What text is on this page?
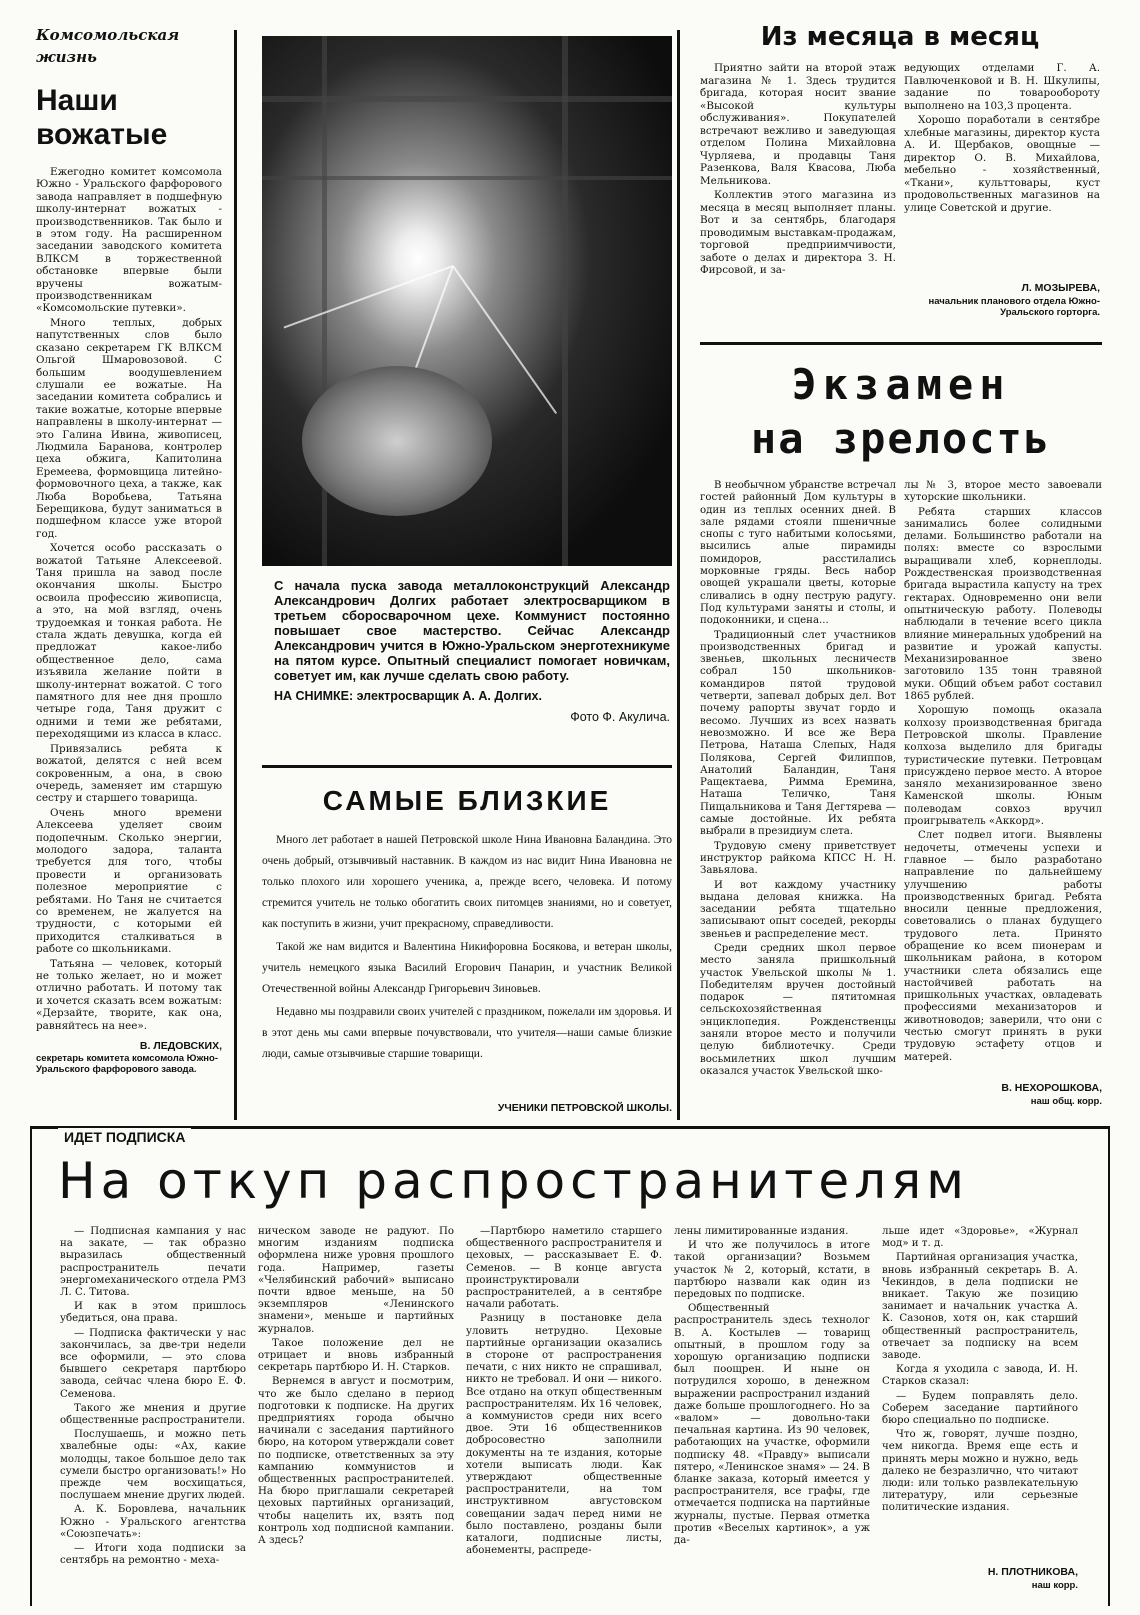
Комсомольская жизнь
Наши вожатые

Ежегодно комитет комсомола Южно - Уральского фарфорового завода направляет в подшефную школу-интернат вожатых - производственников. Так было и в этом году. На расширенном заседании заводского комитета ВЛКСМ в торжественной обстановке впервые были вручены вожатым-производственникам «Комсомольские путевки».

Много теплых, добрых напутственных слов было сказано секретарем ГК ВЛКСМ Ольгой Шмаровозовой. С большим воодушевлением слушали ее вожатые. На заседании комитета собрались и такие вожатые, которые впервые направлены в школу-интернат — это Галина Ивина, живописец, Людмила Баранова, контролер цеха обжига, Капитолина Еремеева, формовщица литейно-формовочного цеха, а также, как Люба Воробьева, Татьяна Берещикова, будут заниматься в подшефном классе уже второй год.

Хочется особо рассказать о вожатой Татьяне Алексеевой. Таня пришла на завод после окончания школы. Быстро освоила профессию живописца, а это, на мой взгляд, очень трудоемкая и тонкая работа. Не стала ждать девушка, когда ей предложат какое-либо общественное дело, сама изъявила желание пойти в школу-интернат вожатой. С того памятного для нее дня прошло четыре года, Таня дружит с одними и теми же ребятами, переходящими из класса в класс.

Привязались ребята к вожатой, делятся с ней всем сокровенным, а она, в свою очередь, заменяет им старшую сестру и старшего товарища.

Очень много времени Алексеева уделяет своим подопечным. Сколько энергии, молодого задора, таланта требуется для того, чтобы провести и организовать полезное мероприятие с ребятами. Но Таня не считается со временем, не жалуется на трудности, с которыми ей приходится сталкиваться в работе со школьниками.

Татьяна — человек, который не только желает, но и может отлично работать. И потому так и хочется сказать всем вожатым: «Дерзайте, творите, как она, равняйтесь на нее».

В. ЛЕДОВСКИХ,
секретарь комитета комсомола Южно-Уральского фарфорового завода.

С начала пуска завода металлоконструкций Александр Александрович Долгих работает электросварщиком в третьем сборосварочном цехе. Коммунист постоянно повышает свое мастерство. Сейчас Александр Александрович учится в Южно-Уральском энерготехникуме на пятом курсе. Опытный специалист помогает новичкам, советует им, как лучше сделать свою работу.

НА СНИМКЕ: электросварщик А. А. Долгих.

Фото Ф. Акулича.

САМЫЕ БЛИЗКИЕ

Много лет работает в нашей Петровской школе Нина Ивановна Баландина. Это очень добрый, отзывчивый наставник. В каждом из нас видит Нина Ивановна не только плохого или хорошего ученика, а, прежде всего, человека. И потому стремится учитель не только обогатить своих питомцев знаниями, но и советует, как поступить в жизни, учит прекрасному, справедливости.

Такой же нам видится и Валентина Никифоровна Босякова, и ветеран школы, учитель немецкого языка Василий Егорович Панарин, и участник Великой Отечественной войны Александр Григорьевич Зиновьев.

Недавно мы поздравили своих учителей с праздником, пожелали им здоровья. И в этот день мы сами впервые почувствовали, что учителя—наши самые близкие люди, самые отзывчивые старшие товарищи.

УЧЕНИКИ ПЕТРОВСКОЙ ШКОЛЫ.
Из месяца в месяц

Приятно зайти на второй этаж магазина № 1. Здесь трудится бригада, которая носит звание «Высокой культуры обслуживания». Покупателей встречают вежливо и заведующая отделом Полина Михайловна Чурляева, и продавцы Таня Разенкова, Валя Квасова, Люба Мельникова.

Коллектив этого магазина из месяца в месяц выполняет планы. Вот и за сентябрь, благодаря проводимым выставкам-продажам, торговой предприимчивости, заботе о делах и директора З. Н. Фирсовой, и за-

ведующих отделами Г. А. Павлюченковой и В. Н. Шкулипы, задание по товарообороту выполнено на 103,3 процента.

Хорошо поработали в сентябре хлебные магазины, директор куста А. И. Щербаков, овощные — директор О. В. Михайлова, мебельно - хозяйственный, «Ткани», культтовары, куст продовольственных магазинов на улице Советской и другие.

Л. МОЗЫРЕВА,
начальник планового отдела Южно-Уральского горторга.
Экзамен
на зрелость

В необычном убранстве встречал гостей районный Дом культуры в один из теплых осенних дней. В зале рядами стояли пшеничные снопы с туго набитыми колосьями, высились алые пирамиды помидоров, расстилались морковные гряды. Весь набор овощей украшали цветы, которые сливались в одну пеструю радугу. Под культурами заняты и столы, и подоконники, и сцена...

Традиционный слет участников производственных бригад и звеньев, школьных лесничеств собрал 150 школьников-командиров пятой трудовой четверти, запевал добрых дел. Вот почему рапорты звучат гордо и весомо. Лучших из всех назвать невозможно. И все же Вера Петрова, Наташа Слепых, Надя Полякова, Сергей Филиппов, Анатолий Баландин, Таня Ращектаева, Римма Еремина, Наташа Теличко, Таня Пищальникова и Таня Дегтярева —самые достойные. Их ребята выбрали в президиум слета.

Трудовую смену приветствует инструктор райкома КПСС Н. Н. Завьялова.

И вот каждому участнику выдана деловая книжка. На заседании ребята тщательно записывают опыт соседей, рекорды звеньев и распределение мест.

Среди средних школ первое место заняла пришкольный участок Увельской школы № 1. Победителям вручен достойный подарок — пятитомная сельскохозяйственная энциклопедия. Рожденственцы заняли второе место и получили целую библиотечку. Среди восьмилетних школ лучшим оказался участок Увельской шко-

лы № 3, второе место завоевали хуторские школьники.

Ребята старших классов занимались более солидными делами. Большинство работали на полях: вместе со взрослыми выращивали хлеб, корнеплоды. Рождественская производственная бригада вырастила капусту на трех гектарах. Одновременно они вели опытническую работу. Полеводы наблюдали в течение всего цикла влияние минеральных удобрений на развитие и урожай капусты. Механизированное звено заготовило 135 тонн травяной муки. Общий объем работ составил 1865 рублей.

Хорошую помощь оказала колхозу производственная бригада Петровской школы. Правление колхоза выделило для бригады туристические путевки. Петровцам присуждено первое место. А второе заняло механизированное звено Каменской школы. Юным полеводам совхоз вручил проигрыватель «Аккорд».

Слет подвел итоги. Выявлены недочеты, отмечены успехи и главное — было разработано направление по дальнейшему улучшению работы производственных бригад. Ребята вносили ценные предложения, советовались о планах будущего трудового лета. Принято обращение ко всем пионерам и школьникам района, в котором участники слета обязались еще настойчивей работать на пришкольных участках, овладевать профессиями механизаторов и животноводов; заверили, что они с честью смогут принять в руки трудовую эстафету отцов и матерей.

В. НЕХОРОШКОВА,
наш общ. корр.
ИДЕТ ПОДПИСКА
На откуп распространителям

— Подписная кампания у нас на закате, — так образно выразилась общественный распространитель печати энергомеханического отдела РМЗ Л. С. Титова.

И как в этом пришлось убедиться, она права.

— Подписка фактически у нас закончилась, за две-три недели все оформили, — это слова бывшего секретаря партбюро завода, сейчас члена бюро Е. Ф. Семенова.

Такого же мнения и другие общественные распространители.

Послушаешь, и можно петь хвалебные оды: «Ах, какие молодцы, такое большое дело так сумели быстро организовать!» Но прежде чем восхищаться, послушаем мнение других людей.

А. К. Боровлева, начальник Южно - Уральского агентства «Союзпечать»:

— Итоги хода подписки за сентябрь на ремонтно - меха-

ническом заводе не радуют. По многим изданиям подписка оформлена ниже уровня прошлого года. Например, газеты «Челябинский рабочий» выписано почти вдвое меньше, на 50 экземпляров «Ленинского знамени», меньше и партийных журналов.

Такое положение дел не отрицает и вновь избранный секретарь партбюро И. Н. Старков.

Вернемся в август и посмотрим, что же было сделано в период подготовки к подписке. На других предприятиях города обычно начинали с заседания партийного бюро, на котором утверждали совет по подписке, ответственных за эту кампанию коммунистов и общественных распространителей. На бюро приглашали секретарей цеховых партийных организаций, чтобы нацелить их, взять под контроль ход подписной кампании. А здесь?

—Партбюро наметило старшего общественного распространителя и цеховых, — рассказывает Е. Ф. Семенов. — В конце августа проинструктировали распространителей, а в сентябре начали работать.

Разницу в постановке дела уловить нетрудно. Цеховые партийные организации оказались в стороне от распространения печати, с них никто не спрашивал, никто не требовал. И они — никого. Все отдано на откуп общественным распространителям. Их 16 человек, а коммунистов среди них всего двое. Эти 16 общественников добросовестно заполнили документы на те издания, которые хотели выписать люди. Как утверждают общественные распространители, на том инструктивном августовском совещании задач перед ними не было поставлено, розданы были каталоги, подписные листы, абонементы, распреде-

лены лимитированные издания.

И что же получилось в итоге такой организации? Возьмем участок № 2, который, кстати, в партбюро назвали как один из передовых по подписке.

Общественный распространитель здесь технолог В. А. Костылев — товарищ опытный, в прошлом году за хорошую организацию подписки был поощрен. И ныне он потрудился хорошо, в денежном выражении распространил изданий даже больше прошлогоднего. Но за «валом» — довольно-таки печальная картина. Из 90 человек, работающих на участке, оформили подписку 48. «Правду» выписали пятеро, «Ленинское знамя» — 24. В бланке заказа, который имеется у распространителя, все графы, где отмечается подписка на партийные журналы, пустые. Первая отметка против «Веселых картинок», а уж да-

льше идет «Здоровье», «Журнал мод» и т. д.

Партийная организация участка, вновь избранный секретарь В. А. Чекиндов, в дела подписки не вникает. Такую же позицию занимает и начальник участка А. К. Сазонов, хотя он, как старший общественный распространитель, отвечает за подписку на всем заводе.

Когда я уходила с завода, И. Н. Старков сказал:

— Будем поправлять дело. Соберем заседание партийного бюро специально по подписке.

Что ж, говорят, лучше поздно, чем никогда. Время еще есть и принять меры можно и нужно, ведь далеко не безразлично, что читают люди: или только развлекательную литературу, или серьезные политические издания.

Н. ПЛОТНИКОВА,
наш корр.
